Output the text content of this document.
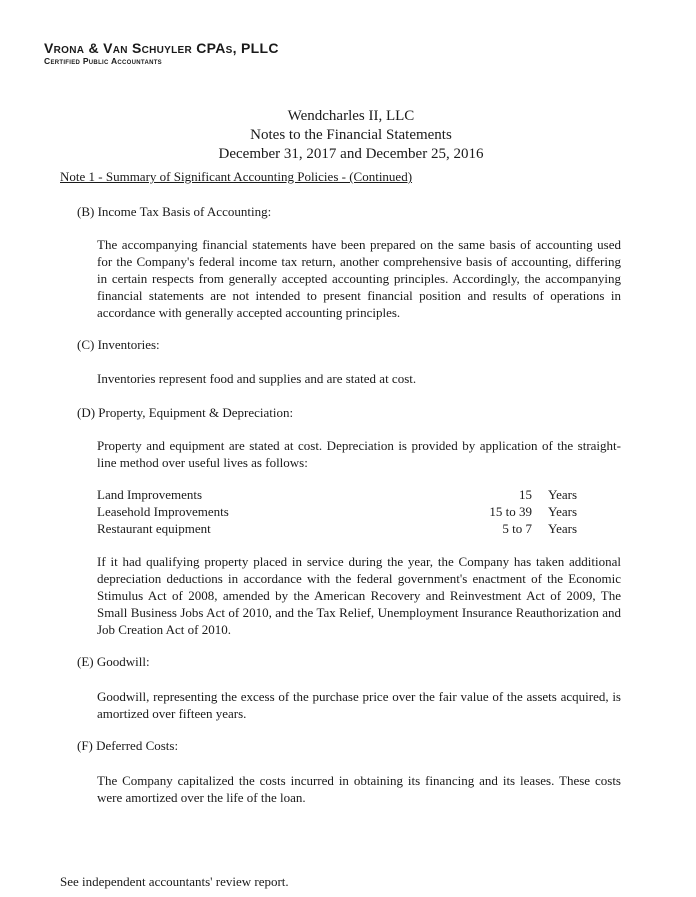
Vrona & Van Schuyler CPAs, PLLC
Certified Public Accountants
Wendcharles II, LLC
Notes to the Financial Statements
December 31, 2017 and December 25, 2016
Note 1 - Summary of Significant Accounting Policies - (Continued)
(B) Income Tax Basis of Accounting:
The accompanying financial statements have been prepared on the same basis of accounting used for the Company's federal income tax return, another comprehensive basis of accounting, differing in certain respects from generally accepted accounting principles. Accordingly, the accompanying financial statements are not intended to present financial position and results of operations in accordance with generally accepted accounting principles.
(C) Inventories:
Inventories represent food and supplies and are stated at cost.
(D) Property, Equipment & Depreciation:
Property and equipment are stated at cost. Depreciation is provided by application of the straight-line method over useful lives as follows:
Land Improvements	15	Years
Leasehold Improvements	15 to 39	Years
Restaurant equipment	5 to 7	Years
If it had qualifying property placed in service during the year, the Company has taken additional depreciation deductions in accordance with the federal government's enactment of the Economic Stimulus Act of 2008, amended by the American Recovery and Reinvestment Act of 2009, The Small Business Jobs Act of 2010, and the Tax Relief, Unemployment Insurance Reauthorization and Job Creation Act of 2010.
(E) Goodwill:
Goodwill, representing the excess of the purchase price over the fair value of the assets acquired, is amortized over fifteen years.
(F) Deferred Costs:
The Company capitalized the costs incurred in obtaining its financing and its leases. These costs were amortized over the life of the loan.
See independent accountants' review report.
